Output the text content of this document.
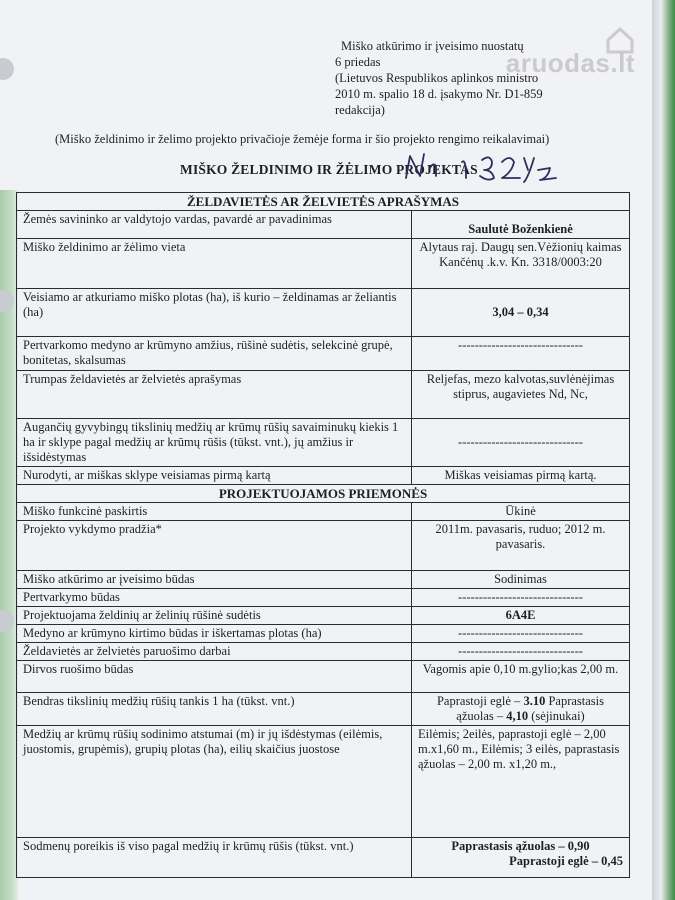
aruodas.lt
Miško atkūrimo ir įveisimo nuostatų
6 priedas
(Lietuvos Respublikos aplinkos ministro
2010 m. spalio 18 d. įsakymo Nr. D1-859
redakcija)
(Miško želdinimo ir želimo projekto privačioje žemėje forma ir šio projekto rengimo reikalavimai)
MIŠKO ŽELDINIMO IR ŽĖLIMO PROJEKTAS
ŽELDAVIETĖS AR ŽELVIETĖS APRAŠYMAS	
Žemės savininko ar valdytojo vardas, pavardė ar pavadinimas	Saulutė Boženkienė
Miško želdinimo ar žėlimo vieta	Alytaus raj. Daugų sen.Vėžionių kaimas Kančėnų .k.v. Kn. 3318/0003:20
Veisiamo ar atkuriamo miško plotas (ha), iš kurio – želdinamas ar želiantis (ha)	3,04 – 0,34
Pertvarkomo medyno ar krūmyno amžius, rūšinė sudėtis, selekcinė grupė, bonitetas, skalsumas	------------------------------
Trumpas želdavietės ar želvietės aprašymas	Reljefas, mezo kalvotas,suvlėnėjimas stiprus, augavietes Nd, Nc,
Augančių gyvybingų tikslinių medžių ar krūmų rūšių savaiminukų kiekis 1 ha ir sklype pagal medžių ar krūmų rūšis (tūkst. vnt.), jų amžius ir išsidėstymas	------------------------------
Nurodyti, ar miškas sklype veisiamas pirmą kartą	Miškas veisiamas pirmą kartą.
PROJEKTUOJAMOS PRIEMONĖS	
Miško funkcinė paskirtis	Ūkinė
Projekto vykdymo pradžia*	2011m. pavasaris, ruduo; 2012 m. pavasaris.
Miško atkūrimo ar įveisimo būdas	Sodinimas
Pertvarkymo būdas	------------------------------
Projektuojama želdinių ar želinių rūšinė sudėtis	6A4E
Medyno ar krūmyno kirtimo būdas ir iškertamas plotas (ha)	------------------------------
Želdavietės ar želvietės paruošimo darbai	------------------------------
Dirvos ruošimo būdas	Vagomis apie 0,10 m.gylio;kas 2,00 m.
Bendras tikslinių medžių rūšių tankis 1 ha (tūkst. vnt.)	Paprastoji eglė – 3.10 Paprastasis ąžuolas – 4,10 (sėjinukai)
Medžių ar krūmų rūšių sodinimo atstumai (m) ir jų išdėstymas (eilėmis, juostomis, grupėmis), grupių plotas (ha), eilių skaičius juostose	Eilėmis; 2eilės, paprastoji eglė – 2,00 m.x1,60 m., Eilėmis; 3 eilės, paprastasis ąžuolas – 2,00 m. x1,20 m.,
Sodmenų poreikis iš viso pagal medžių ir krūmų rūšis (tūkst. vnt.)	Paprastasis ąžuolas – 0,90
Paprastoji eglė – 0,45
